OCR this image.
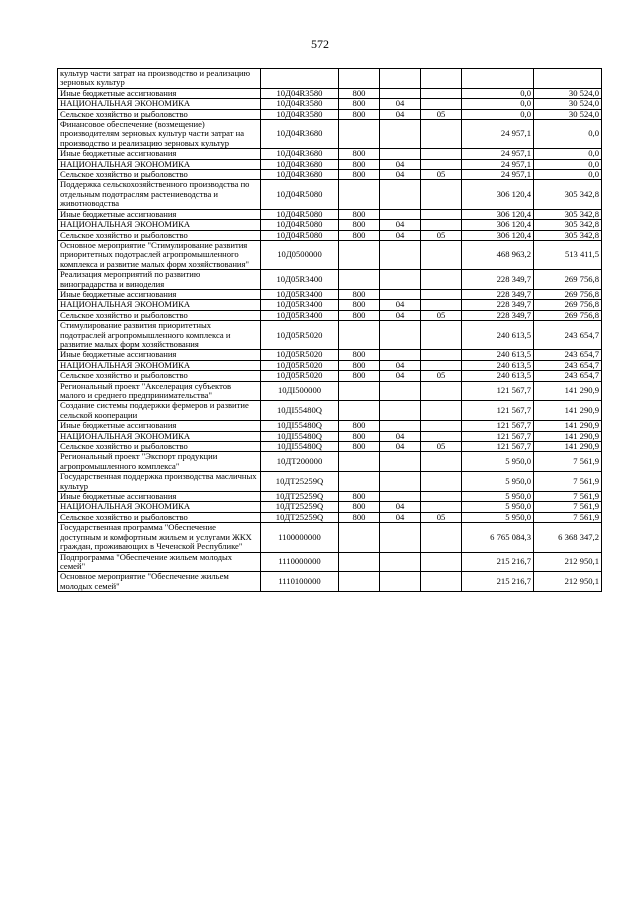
572
культур части затрат на производство и реализацию зерновых культур						
Иные бюджетные ассигнования	10Д04R3580	800			0,0	30 524,0
НАЦИОНАЛЬНАЯ ЭКОНОМИКА	10Д04R3580	800	04		0,0	30 524,0
Сельское хозяйство и рыболовство	10Д04R3580	800	04	05	0,0	30 524,0
Финансовое обеспечение (возмещение) производителям зерновых культур части затрат на производство и реализацию зерновых культур	10Д04R3680				24 957,1	0,0
Иные бюджетные ассигнования	10Д04R3680	800			24 957,1	0,0
НАЦИОНАЛЬНАЯ ЭКОНОМИКА	10Д04R3680	800	04		24 957,1	0,0
Сельское хозяйство и рыболовство	10Д04R3680	800	04	05	24 957,1	0,0
Поддержка сельскохозяйственного производства по отдельным подотраслям растениеводства и животноводства	10Д04R5080				306 120,4	305 342,8
Иные бюджетные ассигнования	10Д04R5080	800			306 120,4	305 342,8
НАЦИОНАЛЬНАЯ ЭКОНОМИКА	10Д04R5080	800	04		306 120,4	305 342,8
Сельское хозяйство и рыболовство	10Д04R5080	800	04	05	306 120,4	305 342,8
Основное мероприятие "Стимулирование развития приоритетных подотраслей агропромышленного комплекса и развитие малых форм хозяйствования"	10Д0500000				468 963,2	513 411,5
Реализация мероприятий по развитию виноградарства и виноделия	10Д05R3400				228 349,7	269 756,8
Иные бюджетные ассигнования	10Д05R3400	800			228 349,7	269 756,8
НАЦИОНАЛЬНАЯ ЭКОНОМИКА	10Д05R3400	800	04		228 349,7	269 756,8
Сельское хозяйство и рыболовство	10Д05R3400	800	04	05	228 349,7	269 756,8
Стимулирование развития приоритетных подотраслей агропромышленного комплекса и развитие малых форм хозяйствования	10Д05R5020				240 613,5	243 654,7
Иные бюджетные ассигнования	10Д05R5020	800			240 613,5	243 654,7
НАЦИОНАЛЬНАЯ ЭКОНОМИКА	10Д05R5020	800	04		240 613,5	243 654,7
Сельское хозяйство и рыболовство	10Д05R5020	800	04	05	240 613,5	243 654,7
Региональный проект "Акселерация субъектов малого и среднего предпринимательства"	10ДI500000				121 567,7	141 290,9
Создание системы поддержки фермеров и развитие сельской кооперации	10ДI55480Q				121 567,7	141 290,9
Иные бюджетные ассигнования	10ДI55480Q	800			121 567,7	141 290,9
НАЦИОНАЛЬНАЯ ЭКОНОМИКА	10ДI55480Q	800	04		121 567,7	141 290,9
Сельское хозяйство и рыболовство	10ДI55480Q	800	04	05	121 567,7	141 290,9
Региональный проект "Экспорт продукции агропромышленного комплекса"	10ДТ200000				5 950,0	7 561,9
Государственная поддержка производства масличных культур	10ДТ25259Q				5 950,0	7 561,9
Иные бюджетные ассигнования	10ДТ25259Q	800			5 950,0	7 561,9
НАЦИОНАЛЬНАЯ ЭКОНОМИКА	10ДТ25259Q	800	04		5 950,0	7 561,9
Сельское хозяйство и рыболовство	10ДТ25259Q	800	04	05	5 950,0	7 561,9
Государственная программа "Обеспечение доступным и комфортным жильем и услугами ЖКХ граждан, проживающих в Чеченской Республике"	1100000000				6 765 084,3	6 368 347,2
Подпрограмма "Обеспечение жильем молодых семей"	1110000000				215 216,7	212 950,1
Основное мероприятие "Обеспечение жильем молодых семей"	1110100000				215 216,7	212 950,1
